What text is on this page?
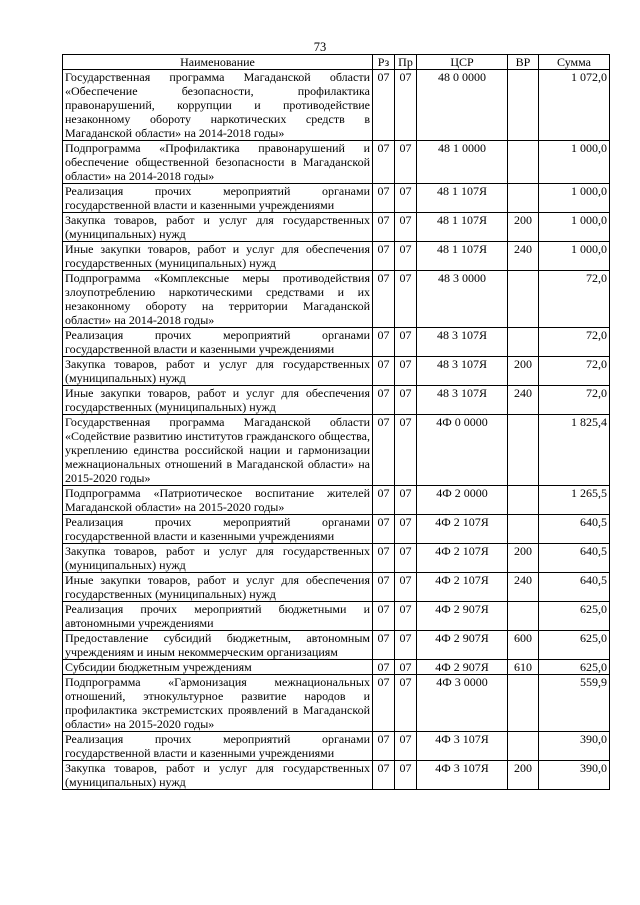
73
Наименование	Рз	Пр	ЦСР	ВР	Сумма
Государственная программа Магаданской области «Обеспечение безопасности, профилактика правонарушений, коррупции и противодействие незаконному обороту наркотических средств в Магаданской области» на 2014-2018 годы»	07	07	48 0 0000		1 072,0
Подпрограмма «Профилактика правонарушений и обеспечение общественной безопасности в Магаданской области» на 2014-2018 годы»	07	07	48 1 0000		1 000,0
Реализация прочих мероприятий органами государственной власти и казенными учреждениями	07	07	48 1 107Я		1 000,0
Закупка товаров, работ и услуг для государственных (муниципальных) нужд	07	07	48 1 107Я	200	1 000,0
Иные закупки товаров, работ и услуг для обеспечения государственных (муниципальных) нужд	07	07	48 1 107Я	240	1 000,0
Подпрограмма «Комплексные меры противодействия злоупотреблению наркотическими средствами и их незаконному обороту на территории Магаданской области» на 2014-2018 годы»	07	07	48 3 0000		72,0
Реализация прочих мероприятий органами государственной власти и казенными учреждениями	07	07	48 3 107Я		72,0
Закупка товаров, работ и услуг для государственных (муниципальных) нужд	07	07	48 3 107Я	200	72,0
Иные закупки товаров, работ и услуг для обеспечения государственных (муниципальных) нужд	07	07	48 3 107Я	240	72,0
Государственная программа Магаданской области «Содействие развитию институтов гражданского общества, укреплению единства российской нации и гармонизации межнациональных отношений в Магаданской области» на 2015-2020 годы»	07	07	4Ф 0 0000		1 825,4
Подпрограмма «Патриотическое воспитание жителей Магаданской области» на 2015-2020 годы»	07	07	4Ф 2 0000		1 265,5
Реализация прочих мероприятий органами государственной власти и казенными учреждениями	07	07	4Ф 2 107Я		640,5
Закупка товаров, работ и услуг для государственных (муниципальных) нужд	07	07	4Ф 2 107Я	200	640,5
Иные закупки товаров, работ и услуг для обеспечения государственных (муниципальных) нужд	07	07	4Ф 2 107Я	240	640,5
Реализация прочих мероприятий бюджетными и автономными учреждениями	07	07	4Ф 2 907Я		625,0
Предоставление субсидий бюджетным, автономным учреждениям и иным некоммерческим организациям	07	07	4Ф 2 907Я	600	625,0
Субсидии бюджетным учреждениям	07	07	4Ф 2 907Я	610	625,0
Подпрограмма «Гармонизация межнациональных отношений, этнокультурное развитие народов и профилактика экстремистских проявлений в Магаданской области» на 2015-2020 годы»	07	07	4Ф 3 0000		559,9
Реализация прочих мероприятий органами государственной власти и казенными учреждениями	07	07	4Ф 3 107Я		390,0
Закупка товаров, работ и услуг для государственных (муниципальных) нужд	07	07	4Ф 3 107Я	200	390,0
